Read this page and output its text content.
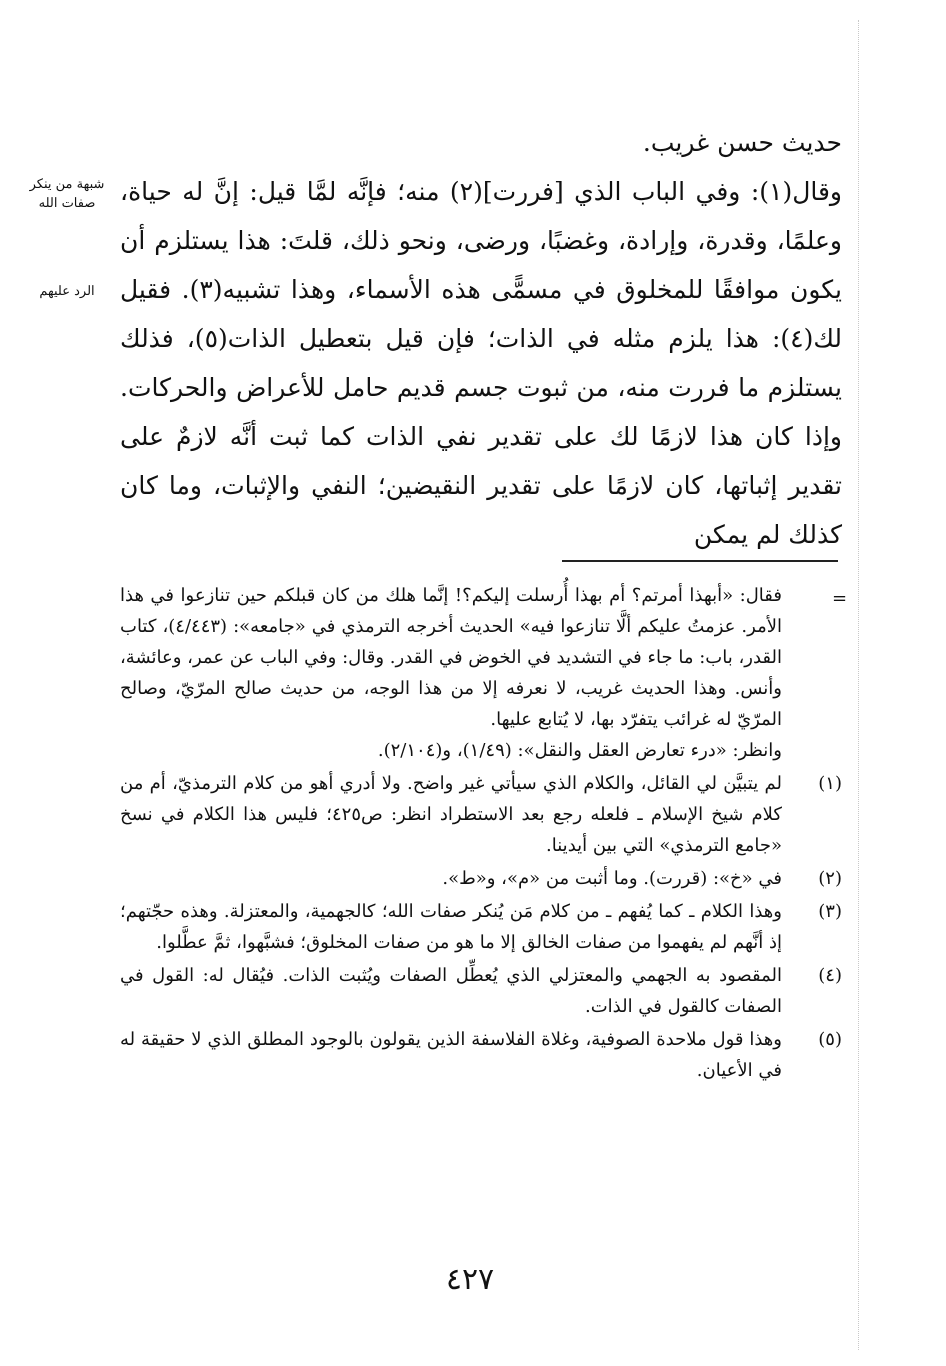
شبهة من ينكر صفات الله
الرد عليهم

حديث حسن غريب.

وقال(١): وفي الباب الذي [فررت](٢) منه؛ فإنَّه لمَّا قيل: إنَّ له حياة، وعلمًا، وقدرة، وإرادة، وغضبًا، ورضى، ونحو ذلك، قلتَ: هذا يستلزم أن يكون موافقًا للمخلوق في مسمًّى هذه الأسماء، وهذا تشبيه(٣). فقيل لك(٤): هذا يلزم مثله في الذات؛ فإن قيل بتعطيل الذات(٥)، فذلك يستلزم ما فررت منه، من ثبوت جسم قديم حامل للأعراض والحركات. وإذا كان هذا لازمًا لك على تقدير نفي الذات كما ثبت أنَّه لازمٌ على تقدير إثباتها، كان لازمًا على تقدير النقيضين؛ النفي والإثبات، وما كان كذلك لم يمكن

=

فقال: «أبهذا أمرتم؟ أم بهذا أُرسلت إليكم؟! إنَّما هلك من كان قبلكم حين تنازعوا في هذا الأمر. عزمتُ عليكم ألَّا تنازعوا فيه» الحديث أخرجه الترمذي في «جامعه»: (٤/٤٤٣)، كتاب القدر، باب: ما جاء في التشديد في الخوض في القدر. وقال: وفي الباب عن عمر، وعائشة، وأنس. وهذا الحديث غريب، لا نعرفه إلا من هذا الوجه، من حديث صالح المرّيّ، وصالح المرّيّ له غرائب يتفرّد بها، لا يُتابع عليها.

وانظر: «درء تعارض العقل والنقل»: (١/٤٩)، و(٢/١٠٤).

(١)
لم يتبيَّن لي القائل، والكلام الذي سيأتي غير واضح. ولا أدري أهو من كلام الترمذيّ، أم من كلام شيخ الإسلام ـ فلعله رجع بعد الاستطراد انظر: ص٤٢٥؛ فليس هذا الكلام في نسخ «جامع الترمذي» التي بين أيدينا.
(٢)
في «خ»: (قررت). وما أثبت من «م»، و«ط».
(٣)
وهذا الكلام ـ كما يُفهم ـ من كلام مَن يُنكر صفات الله؛ كالجهمية، والمعتزلة. وهذه حجّتهم؛ إذ أنَّهم لم يفهموا من صفات الخالق إلا ما هو من صفات المخلوق؛ فشبَّهوا، ثمَّ عطَّلوا.
(٤)
المقصود به الجهمي والمعتزلي الذي يُعطِّل الصفات ويُثبت الذات. فيُقال له: القول في الصفات كالقول في الذات.
(٥)
وهذا قول ملاحدة الصوفية، وغلاة الفلاسفة الذين يقولون بالوجود المطلق الذي لا حقيقة له في الأعيان.
٤٢٧
